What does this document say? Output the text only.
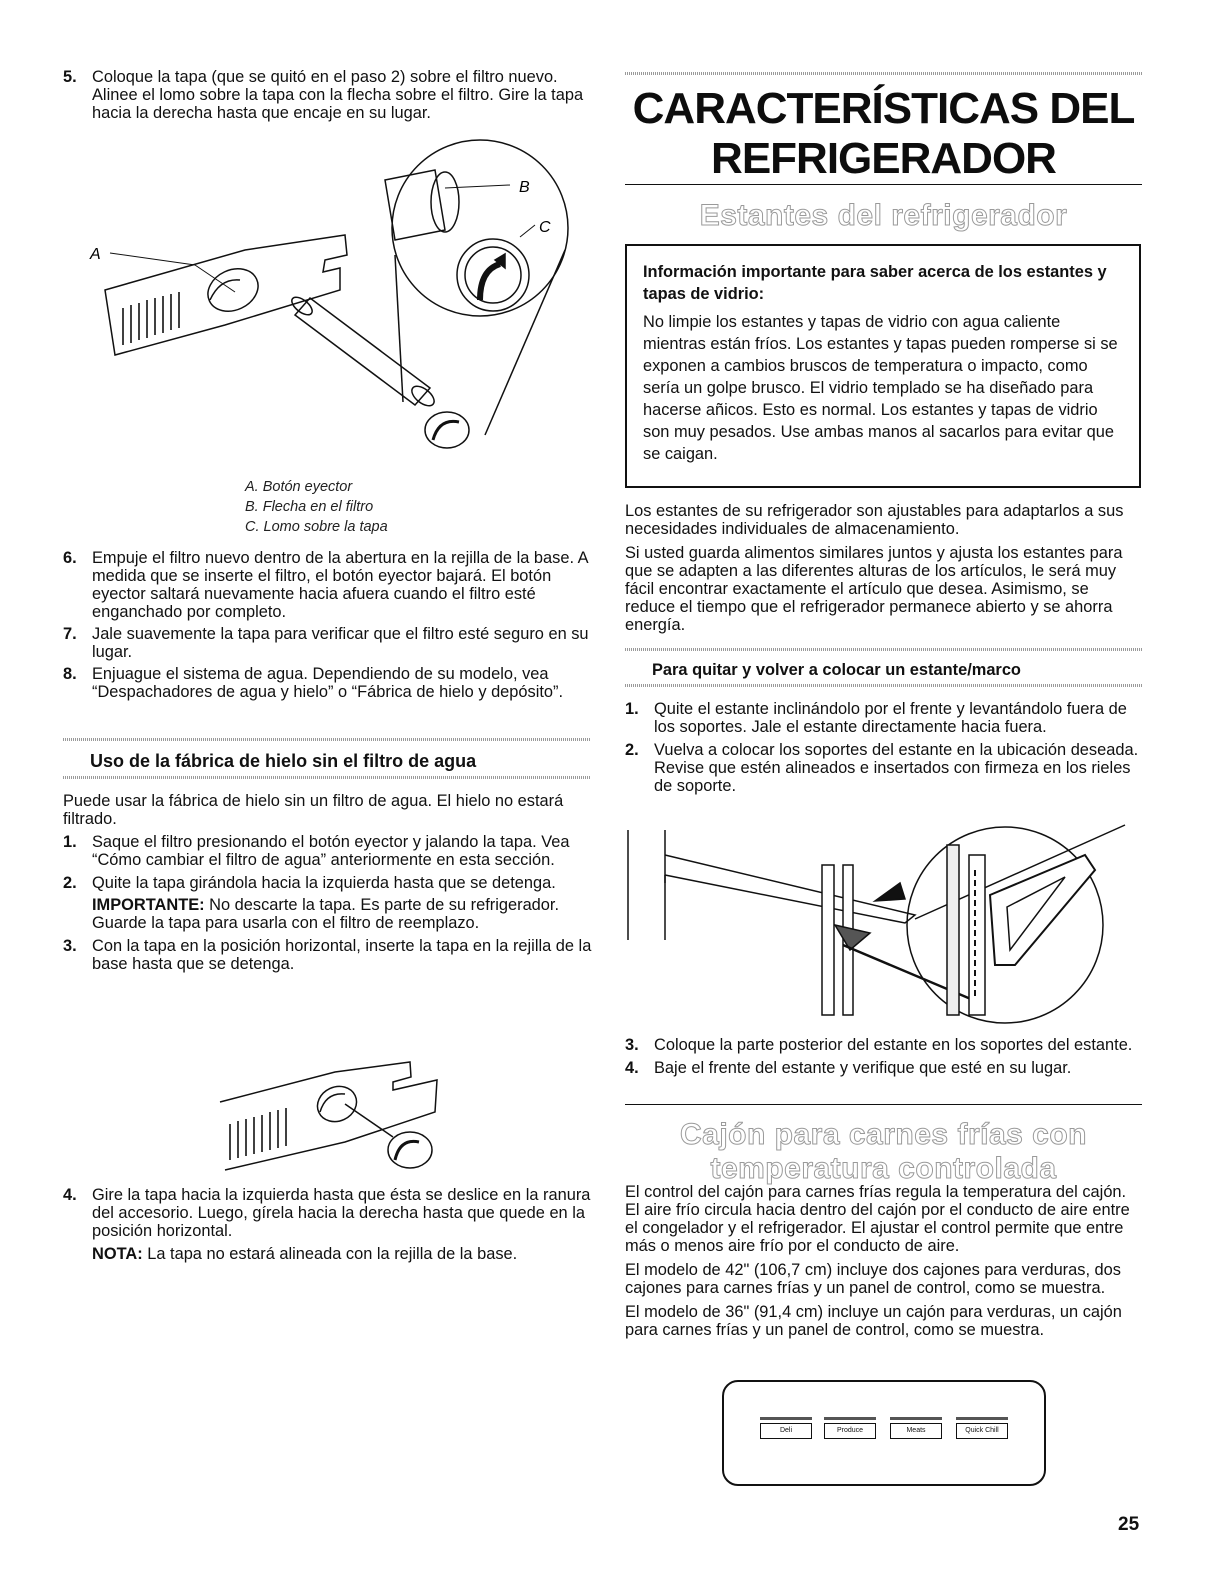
5. Coloque la tapa (que se quitó en el paso 2) sobre el filtro nuevo. Alinee el lomo sobre la tapa con la flecha sobre el filtro. Gire la tapa hacia la derecha hasta que encaje en su lugar.

A
B
C

A. Botón eyector

B. Flecha en el filtro

C. Lomo sobre la tapa

6. Empuje el filtro nuevo dentro de la abertura en la rejilla de la base. A medida que se inserte el filtro, el botón eyector bajará. El botón eyector saltará nuevamente hacia afuera cuando el filtro esté enganchado por completo.

7. Jale suavemente la tapa para verificar que el filtro esté seguro en su lugar.

8. Enjuague el sistema de agua. Dependiendo de su modelo, vea “Despachadores de agua y hielo” o “Fábrica de hielo y depósito”.

Uso de la fábrica de hielo sin el filtro de agua

Puede usar la fábrica de hielo sin un filtro de agua. El hielo no estará filtrado.

1. Saque el filtro presionando el botón eyector y jalando la tapa. Vea “Cómo cambiar el filtro de agua” anteriormente en esta sección.

2. Quite la tapa girándola hacia la izquierda hasta que se detenga.

IMPORTANTE: No descarte la tapa. Es parte de su refrigerador. Guarde la tapa para usarla con el filtro de reemplazo.

3. Con la tapa en la posición horizontal, inserte la tapa en la rejilla de la base hasta que se detenga.

4. Gire la tapa hacia la izquierda hasta que ésta se deslice en la ranura del accesorio. Luego, gírela hacia la derecha hasta que quede en la posición horizontal.

NOTA: La tapa no estará alineada con la rejilla de la base.

CARACTERÍSTICAS DEL

REFRIGERADOR

Estantes del refrigerador

Información importante para saber acerca de los estantes y tapas de vidrio:

No limpie los estantes y tapas de vidrio con agua caliente mientras están fríos. Los estantes y tapas pueden romperse si se exponen a cambios bruscos de temperatura o impacto, como sería un golpe brusco. El vidrio templado se ha diseñado para hacerse añicos. Esto es normal. Los estantes y tapas de vidrio son muy pesados. Use ambas manos al sacarlos para evitar que se caigan.

Los estantes de su refrigerador son ajustables para adaptarlos a sus necesidades individuales de almacenamiento.

Si usted guarda alimentos similares juntos y ajusta los estantes para que se adapten a las diferentes alturas de los artículos, le será muy fácil encontrar exactamente el artículo que desea. Asimismo, se reduce el tiempo que el refrigerador permanece abierto y se ahorra energía.

Para quitar y volver a colocar un estante/marco

1. Quite el estante inclinándolo por el frente y levantándolo fuera de los soportes. Jale el estante directamente hacia fuera.

2. Vuelva a colocar los soportes del estante en la ubicación deseada. Revise que estén alineados e insertados con firmeza en los rieles de soporte.

3. Coloque la parte posterior del estante en los soportes del estante.

4. Baje el frente del estante y verifique que esté en su lugar.

Cajón para carnes frías con

temperatura controlada

El control del cajón para carnes frías regula la temperatura del cajón. El aire frío circula hacia dentro del cajón por el conducto de aire entre el congelador y el refrigerador. El ajustar el control permite que entre más o menos aire frío por el conducto de aire.

El modelo de 42" (106,7 cm) incluye dos cajones para verduras, dos cajones para carnes frías y un panel de control, como se muestra.

El modelo de 36" (91,4 cm) incluye un cajón para verduras, un cajón para carnes frías y un panel de control, como se muestra.

Deli	Produce	Meats	Quick Chill
25
